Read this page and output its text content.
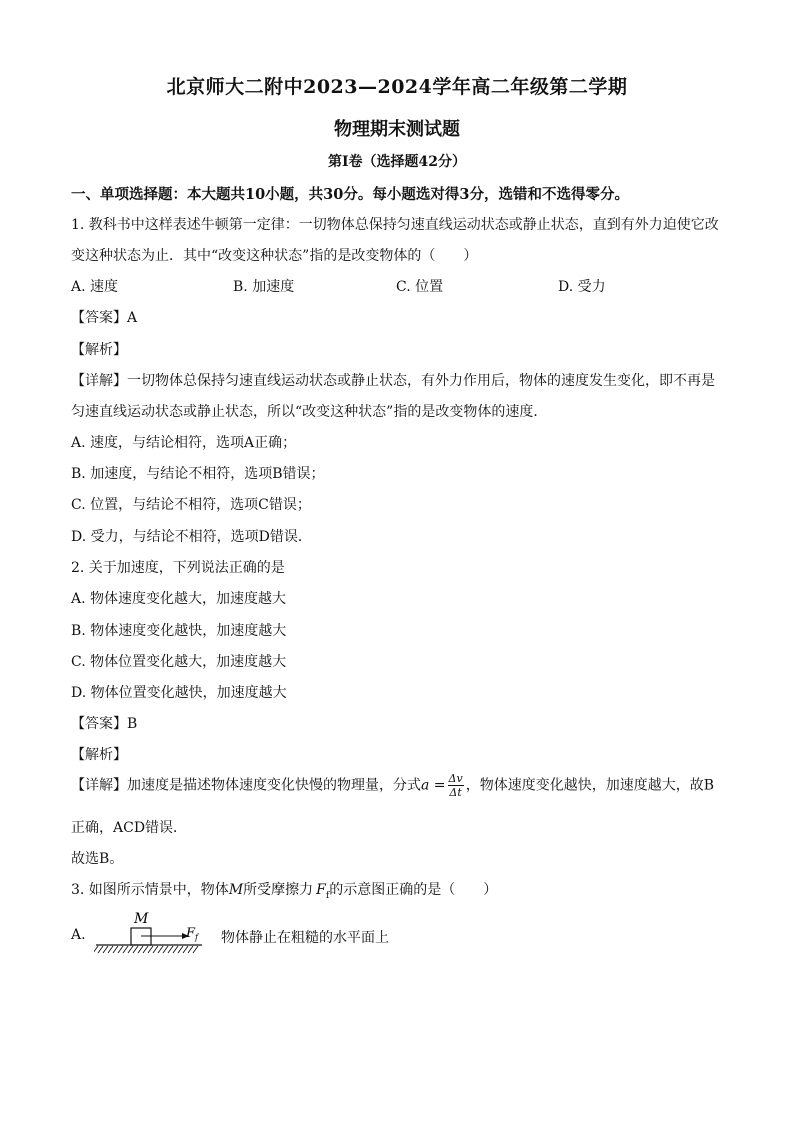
北京师大二附中2023—2024学年高二年级第二学期
物理期末测试题
第I卷（选择题42分）
一、单项选择题：本大题共10小题，共30分。每小题选对得3分，选错和不选得零分。
1. 教科书中这样表述牛顿第一定律：一切物体总保持匀速直线运动状态或静止状态，直到有外力迫使它改
变这种状态为止．其中“改变这种状态”指的是改变物体的（　　）
A. 速度	B. 加速度	C. 位置	D. 受力
【答案】A
【解析】
【详解】一切物体总保持匀速直线运动状态或静止状态，有外力作用后，物体的速度发生变化，即不再是
匀速直线运动状态或静止状态，所以“改变这种状态”指的是改变物体的速度．
A. 速度，与结论相符，选项A正确；
B. 加速度，与结论不相符，选项B错误；
C. 位置，与结论不相符，选项C错误；
D. 受力，与结论不相符，选项D错误．
2. 关于加速度，下列说法正确的是
A. 物体速度变化越大，加速度越大
B. 物体速度变化越快，加速度越大
C. 物体位置变化越大，加速度越大
D. 物体位置变化越快，加速度越大
【答案】B
【解析】
【详解】加速度是描述物体速度变化快慢的物理量，分式$a = \frac{\Delta v}{\Delta t}$ ，物体速度变化越快，加速度越大，故B
正确，ACD错误．
故选B。
3. 如图所示情景中，物体M所受摩擦力 $F_f$的示意图正确的是（　　）
A.
M
F f 物体静止在粗糙的水平面上
